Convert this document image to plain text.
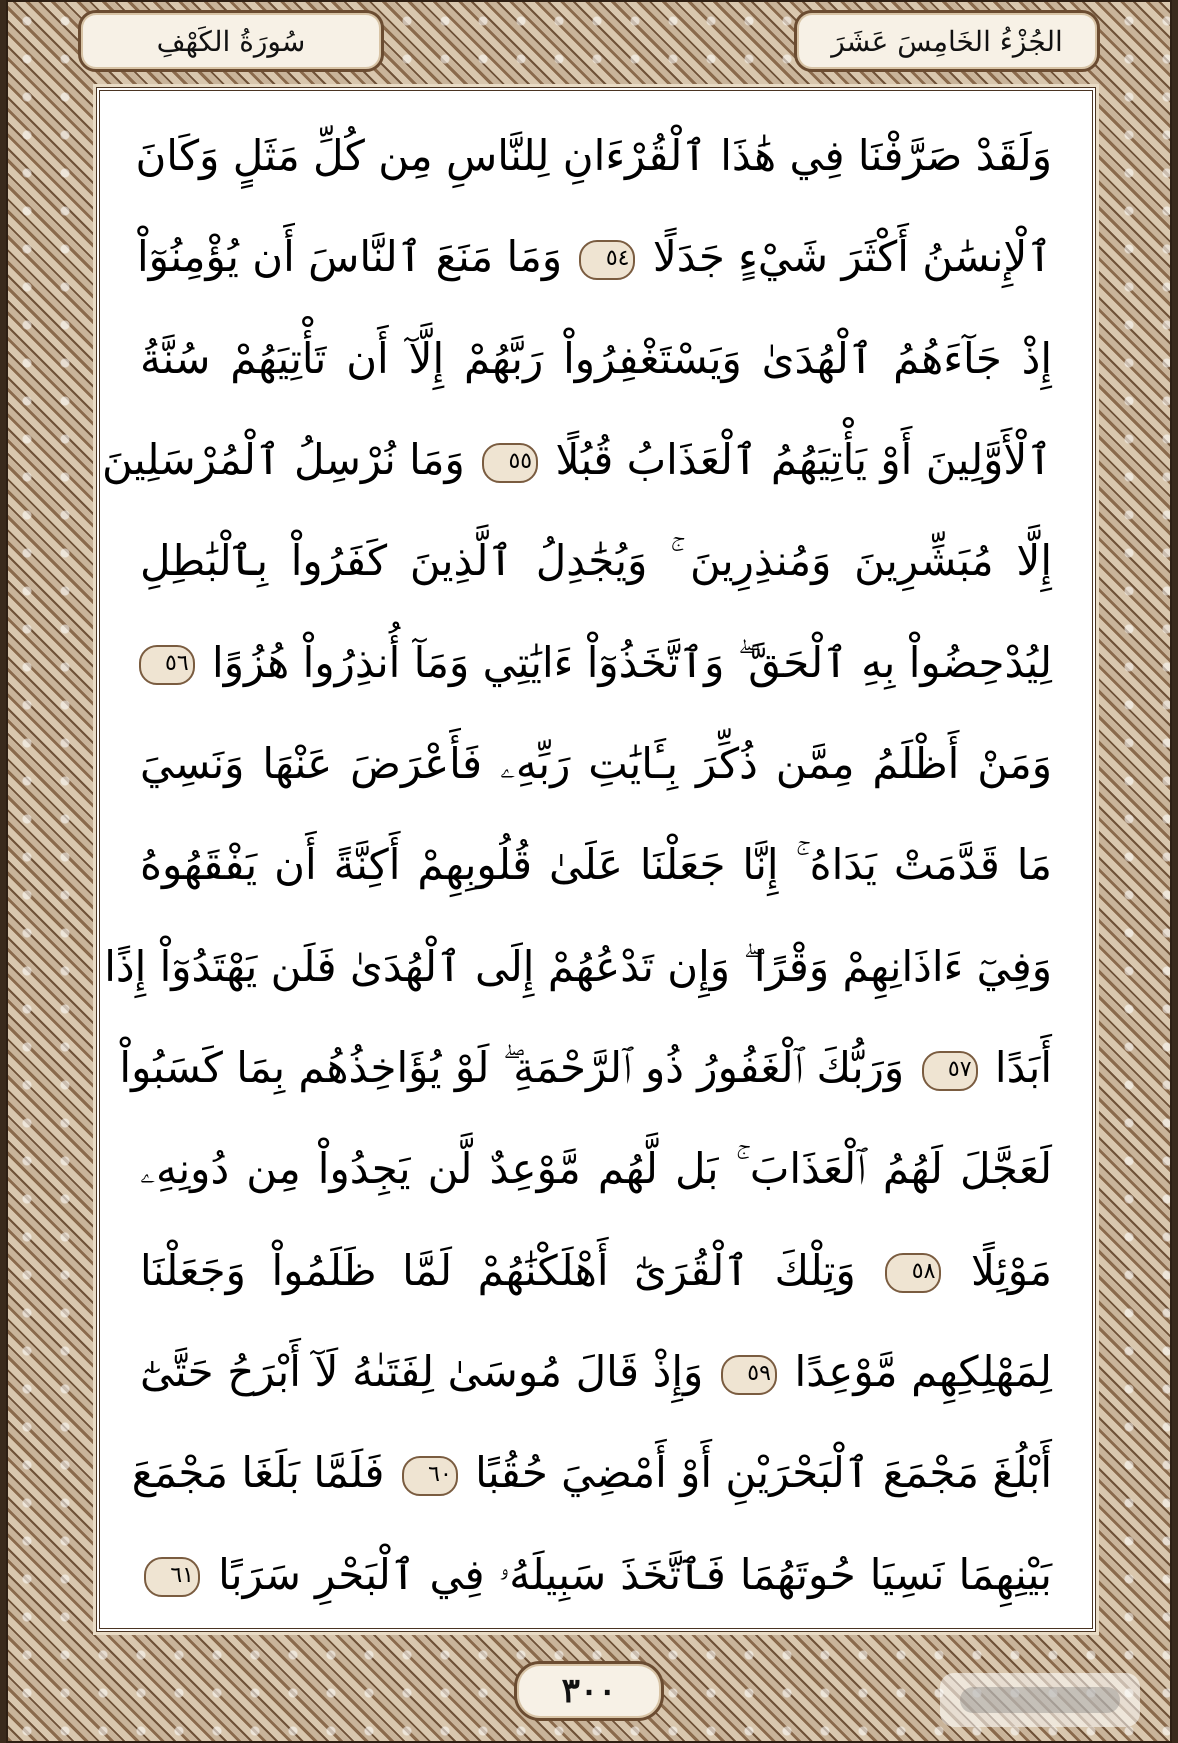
الجُزْءُ الخَامِسَ عَشَرَ
سُورَةُ الكَهْفِ
وَلَقَدْ صَرَّفْنَا فِي هَٰذَا ٱلْقُرْءَانِ لِلنَّاسِ مِن كُلِّ مَثَلٍ وَكَانَ
ٱلْإِنسَٰنُ أَكْثَرَ شَيْءٍ جَدَلًا ٥٤ وَمَا مَنَعَ ٱلنَّاسَ أَن يُؤْمِنُوٓاْ
إِذْ جَآءَهُمُ ٱلْهُدَىٰ وَيَسْتَغْفِرُواْ رَبَّهُمْ إِلَّآ أَن تَأْتِيَهُمْ سُنَّةُ
ٱلْأَوَّلِينَ أَوْ يَأْتِيَهُمُ ٱلْعَذَابُ قُبُلًا ٥٥ وَمَا نُرْسِلُ ٱلْمُرْسَلِينَ
إِلَّا مُبَشِّرِينَ وَمُنذِرِينَ ۚ وَيُجَٰدِلُ ٱلَّذِينَ كَفَرُواْ بِٱلْبَٰطِلِ
لِيُدْحِضُواْ بِهِ ٱلْحَقَّ ۖ وَٱتَّخَذُوٓاْ ءَايَٰتِي وَمَآ أُنذِرُواْ هُزُوًا ٥٦
وَمَنْ أَظْلَمُ مِمَّن ذُكِّرَ بِـَٔايَٰتِ رَبِّهِۦ فَأَعْرَضَ عَنْهَا وَنَسِيَ
مَا قَدَّمَتْ يَدَاهُ ۚ إِنَّا جَعَلْنَا عَلَىٰ قُلُوبِهِمْ أَكِنَّةً أَن يَفْقَهُوهُ
وَفِيٓ ءَاذَانِهِمْ وَقْرًا ۖ وَإِن تَدْعُهُمْ إِلَى ٱلْهُدَىٰ فَلَن يَهْتَدُوٓاْ إِذًا
أَبَدًا ٥٧ وَرَبُّكَ ٱلْغَفُورُ ذُو ٱلرَّحْمَةِ ۖ لَوْ يُؤَاخِذُهُم بِمَا كَسَبُواْ
لَعَجَّلَ لَهُمُ ٱلْعَذَابَ ۚ بَل لَّهُم مَّوْعِدٌ لَّن يَجِدُواْ مِن دُونِهِۦ
مَوْئِلًا ٥٨ وَتِلْكَ ٱلْقُرَىٰٓ أَهْلَكْنَٰهُمْ لَمَّا ظَلَمُواْ وَجَعَلْنَا
لِمَهْلِكِهِم مَّوْعِدًا ٥٩ وَإِذْ قَالَ مُوسَىٰ لِفَتَىٰهُ لَآ أَبْرَحُ حَتَّىٰٓ
أَبْلُغَ مَجْمَعَ ٱلْبَحْرَيْنِ أَوْ أَمْضِيَ حُقُبًا ٦٠ فَلَمَّا بَلَغَا مَجْمَعَ
بَيْنِهِمَا نَسِيَا حُوتَهُمَا فَٱتَّخَذَ سَبِيلَهُۥ فِي ٱلْبَحْرِ سَرَبًا ٦١
٣٠٠
